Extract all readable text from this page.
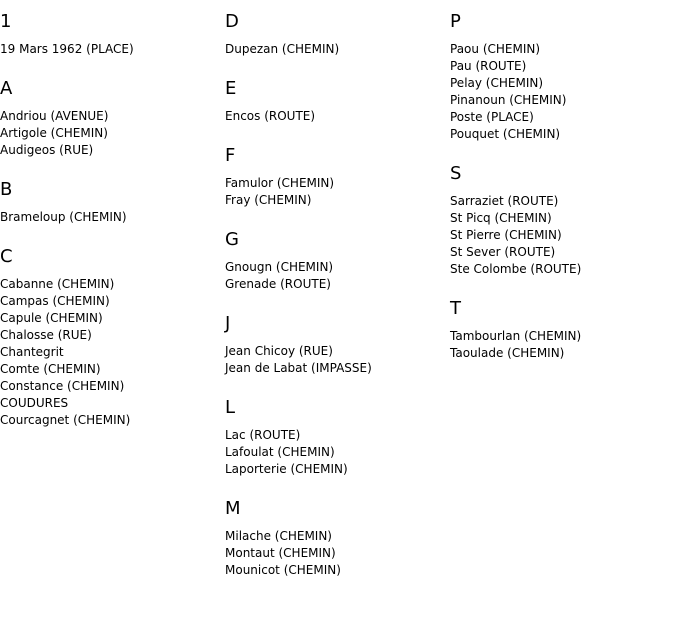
1
19 Mars 1962 (PLACE)
A
Andriou (AVENUE)
Artigole (CHEMIN)
Audigeos (RUE)
B
Brameloup (CHEMIN)
C
Cabanne (CHEMIN)
Campas (CHEMIN)
Capule (CHEMIN)
Chalosse (RUE)
Chantegrit
Comte (CHEMIN)
Constance (CHEMIN)
COUDURES
Courcagnet (CHEMIN)
D
Dupezan (CHEMIN)
E
Encos (ROUTE)
F
Famulor (CHEMIN)
Fray (CHEMIN)
G
Gnougn (CHEMIN)
Grenade (ROUTE)
J
Jean Chicoy (RUE)
Jean de Labat (IMPASSE)
L
Lac (ROUTE)
Lafoulat (CHEMIN)
Laporterie (CHEMIN)
M
Milache (CHEMIN)
Montaut (CHEMIN)
Mounicot (CHEMIN)
P
Paou (CHEMIN)
Pau (ROUTE)
Pelay (CHEMIN)
Pinanoun (CHEMIN)
Poste (PLACE)
Pouquet (CHEMIN)
S
Sarraziet (ROUTE)
St Picq (CHEMIN)
St Pierre (CHEMIN)
St Sever (ROUTE)
Ste Colombe (ROUTE)
T
Tambourlan (CHEMIN)
Taoulade (CHEMIN)
